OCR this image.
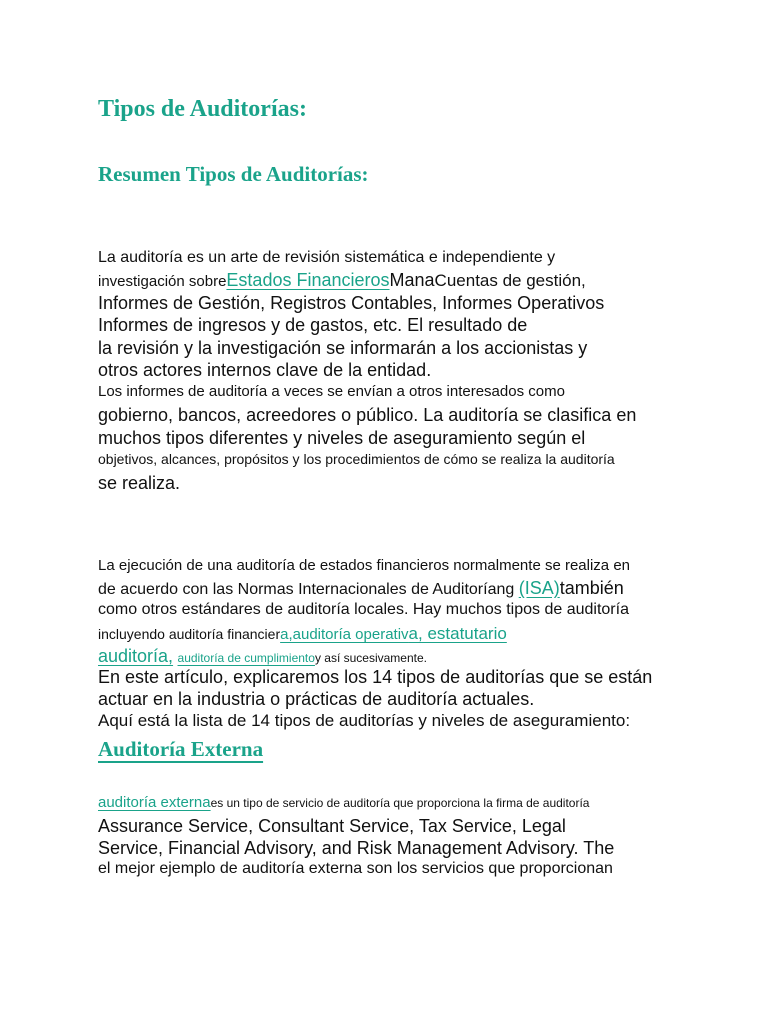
Tipos de Auditorías:
Resumen Tipos de Auditorías:

La auditoría es un arte de revisión sistemática e independiente y

investigación sobreEstados FinancierosManaCuentas de gestión,

Informes de Gestión, Registros Contables, Informes Operativos

Informes de ingresos y de gastos, etc. El resultado de

la revisión y la investigación se informarán a los accionistas y

otros actores internos clave de la entidad.

Los informes de auditoría a veces se envían a otros interesados como

gobierno, bancos, acreedores o público. La auditoría se clasifica en

muchos tipos diferentes y niveles de aseguramiento según el

objetivos, alcances, propósitos y los procedimientos de cómo se realiza la auditoría

se realiza.

La ejecución de una auditoría de estados financieros normalmente se realiza en

de acuerdo con las Normas Internacionales de Auditoríang (ISA)también

como otros estándares de auditoría locales. Hay muchos tipos de auditoría

incluyendo auditoría financiera,auditoría operativa, estatutario

auditoría, auditoría de cumplimientoy así sucesivamente.

En este artículo, explicaremos los 14 tipos de auditorías que se están

actuar en la industria o prácticas de auditoría actuales.

Aquí está la lista de 14 tipos de auditorías y niveles de aseguramiento:

Auditoría Externa

auditoría externaes un tipo de servicio de auditoría que proporciona la firma de auditoría

Assurance Service, Consultant Service, Tax Service, Legal

Service, Financial Advisory, and Risk Management Advisory. The

el mejor ejemplo de auditoría externa son los servicios que proporcionan
